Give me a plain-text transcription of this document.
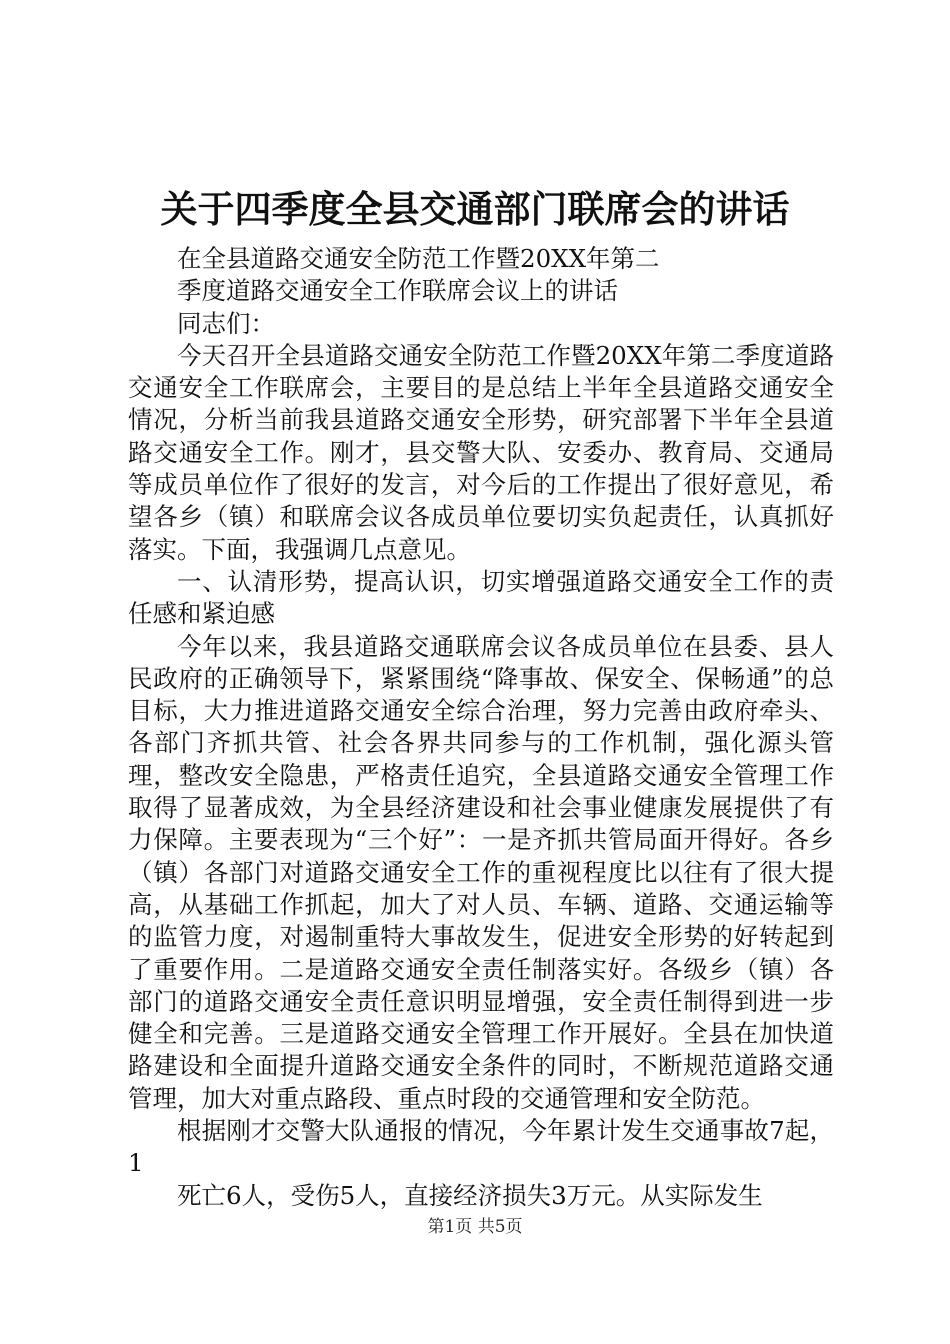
关于四季度全县交通部门联席会的讲话

在全县道路交通安全防范工作暨20XX年第二

季度道路交通安全工作联席会议上的讲话

同志们：

今天召开全县道路交通安全防范工作暨20XX年第二季度道路交通安全工作联席会，主要目的是总结上半年全县道路交通安全情况，分析当前我县道路交通安全形势，研究部署下半年全县道路交通安全工作。刚才，县交警大队、安委办、教育局、交通局等成员单位作了很好的发言，对今后的工作提出了很好意见，希望各乡（镇）和联席会议各成员单位要切实负起责任，认真抓好落实。下面，我强调几点意见。

一、认清形势，提高认识，切实增强道路交通安全工作的责任感和紧迫感

今年以来，我县道路交通联席会议各成员单位在县委、县人民政府的正确领导下，紧紧围绕“降事故、保安全、保畅通”的总目标，大力推进道路交通安全综合治理，努力完善由政府牵头、各部门齐抓共管、社会各界共同参与的工作机制，强化源头管理，整改安全隐患，严格责任追究，全县道路交通安全管理工作取得了显著成效，为全县经济建设和社会事业健康发展提供了有力保障。主要表现为“三个好”：一是齐抓共管局面开得好。各乡（镇）各部门对道路交通安全工作的重视程度比以往有了很大提高，从基础工作抓起，加大了对人员、车辆、道路、交通运输等的监管力度，对遏制重特大事故发生，促进安全形势的好转起到了重要作用。二是道路交通安全责任制落实好。各级乡（镇）各部门的道路交通安全责任意识明显增强，安全责任制得到进一步健全和完善。三是道路交通安全管理工作开展好。全县在加快道路建设和全面提升道路交通安全条件的同时，不断规范道路交通管理，加大对重点路段、重点时段的交通管理和安全防范。

根据刚才交警大队通报的情况，今年累计发生交通事故7起，1

死亡6人，受伤5人，直接经济损失3万元。从实际发生

第1页 共5页
